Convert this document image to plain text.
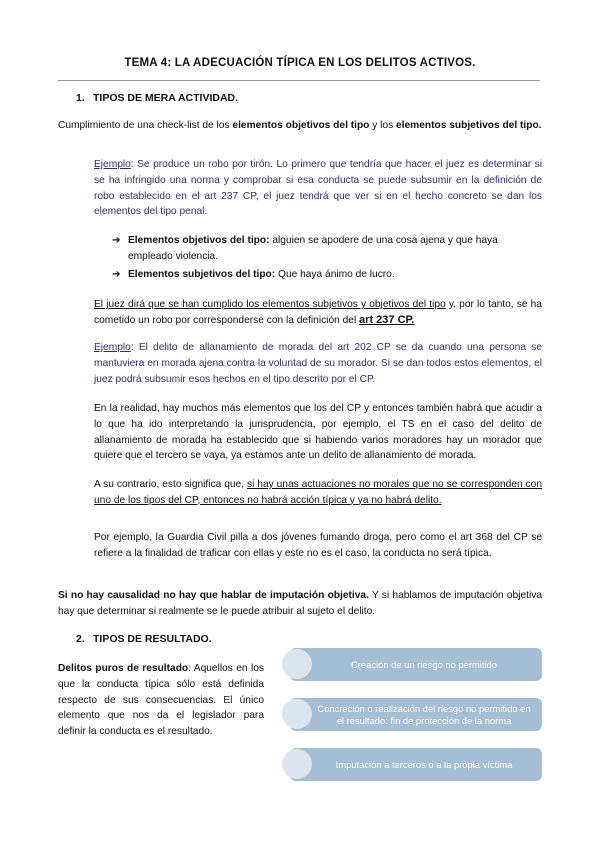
TEMA 4: LA ADECUACIÓN TÍPICA EN LOS DELITOS ACTIVOS.
1. TIPOS DE MERA ACTIVIDAD.

Cumplimiento de una check-list de los elementos objetivos del tipo y los elementos subjetivos del tipo.

Ejemplo: Se produce un robo por tirón. Lo primero que tendría que hacer el juez es determinar si se ha infringido una norma y comprobar si esa conducta se puede subsumir en la definición de robo establecido en el art 237 CP, el juez tendrá que ver si en el hecho concreto se dan los elementos del tipo penal.

➔ Elementos objetivos del tipo: alguien se apodere de una cosa ajena y que haya empleado violencia.
➔ Elementos subjetivos del tipo: Que haya ánimo de lucro.

El juez dirá que se han cumplido los elementos subjetivos y objetivos del tipo y, por lo tanto, se ha cometido un robo por corresponderse con la definición del art 237 CP.

Ejemplo: El delito de allanamiento de morada del art 202 CP se da cuando una persona se mantuviera en morada ajena contra la voluntad de su morador. Si se dan todos estos elementos, el juez podrá subsumir esos hechos en el tipo descrito por el CP.

En la realidad, hay muchos más elementos que los del CP y entonces también habrá que acudir a lo que ha ido interpretando la jurisprudencia, por ejemplo, el TS en el caso del delito de allanamiento de morada ha establecido que si habiendo varios moradores hay un morador que quiere que el tercero se vaya, ya estamos ante un delito de allanamiento de morada.

A su contrario, esto significa que, si hay unas actuaciones no morales que no se corresponden con uno de los tipos del CP, entonces no habrá acción típica y ya no habrá delito.

Por ejemplo, la Guardia Civil pilla a dos jóvenes fumando droga, pero como el art 368 del CP se refiere a la finalidad de traficar con ellas y este no es el caso, la conducta no será típica.

Si no hay causalidad no hay que hablar de imputación objetiva. Y si hablamos de imputación objetiva hay que determinar si realmente se le puede atribuir al sujeto el delito.

2. TIPOS DE RESULTADO.

Delitos puros de resultado: Aquellos en los que la conducta típica sólo está definida respecto de sus consecuencias. El único elemento que nos da el legislador para definir la conducta es el resultado.

Creación de un riesgo no permitido
Concreción o realización del riesgo no permitido en el resultado: fin de protección de la norma
Imputación a terceros o a la propia víctima
